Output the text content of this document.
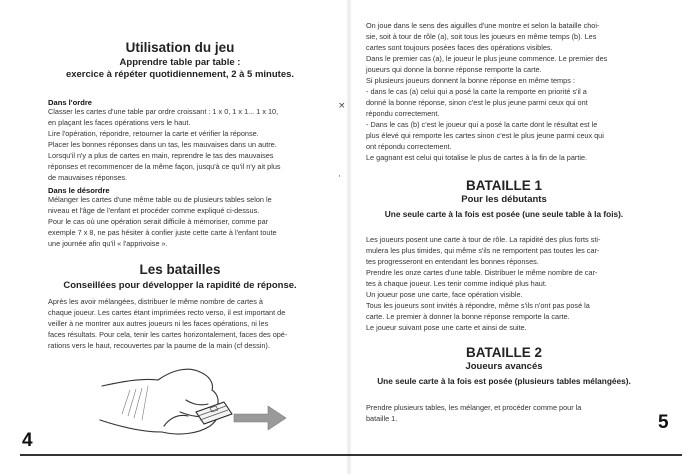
Utilisation du jeu
Apprendre table par table :
exercice à répéter quotidiennement, 2 à 5 minutes.
Dans l'ordre

Classer les cartes d'une table par ordre croissant : 1 x 0, 1 x 1... 1 x 10,

en plaçant les faces opérations vers le haut.

Lire l'opération, répondre, retourner la carte et vérifier la réponse.

Placer les bonnes réponses dans un tas, les mauvaises dans un autre.

Lorsqu'il n'y a plus de cartes en main, reprendre le tas des mauvaises

réponses et recommencer de la même façon, jusqu'à ce qu'il n'y ait plus

de mauvaises réponses.

Dans le désordre

Mélanger les cartes d'une même table ou de plusieurs tables selon le

niveau et l'âge de l'enfant et procéder comme expliqué ci-dessus.

Pour le cas où une opération serait difficile à mémoriser, comme par

exemple 7 x 8, ne pas hésiter à confier juste cette carte à l'enfant toute

une journée afin qu'il « l'apprivoise ».

Les batailles
Conseillées pour développer la rapidité de réponse.

Après les avoir mélangées, distribuer le même nombre de cartes à

chaque joueur. Les cartes étant imprimées recto verso, il est important de

veiller à ne montrer aux autres joueurs ni les faces opérations, ni les

faces résultats. Pour cela, tenir les cartes horizontalement, faces des opé-

rations vers le haut, recouvertes par la paume de la main (cf dessin).

4

On joue dans le sens des aiguilles d'une montre et selon la bataille choi-

sie, soit à tour de rôle (a), soit tous les joueurs en même temps (b). Les

cartes sont toujours posées faces des opérations visibles.

Dans le premier cas (a), le joueur le plus jeune commence. Le premier des

joueurs qui donne la bonne réponse remporte la carte.

Si plusieurs joueurs donnent la bonne réponse en même temps :

- dans le cas (a) celui qui a posé la carte la remporte en priorité s'il a

donné la bonne réponse, sinon c'est le plus jeune parmi ceux qui ont

répondu correctement.

- Dans le cas (b) c'est le joueur qui a posé la carte dont le résultat est le

plus élevé qui remporte les cartes sinon c'est le plus jeune parmi ceux qui

ont répondu correctement.

Le gagnant est celui qui totalise le plus de cartes à la fin de la partie.

×
·
BATAILLE 1
Pour les débutants
Une seule carte à la fois est posée (une seule table à la fois).

Les joueurs posent une carte à tour de rôle. La rapidité des plus forts sti-

mulera les plus timides, qui même s'ils ne remportent pas toutes les car-

tes progresseront en entendant les bonnes réponses.

Prendre les onze cartes d'une table. Distribuer le même nombre de car-

tes à chaque joueur. Les tenir comme indiqué plus haut.

Un joueur pose une carte, face opération visible.

Tous les joueurs sont invités à répondre, même s'ils n'ont pas posé la

carte. Le premier à donner la bonne réponse remporte la carte.

Le joueur suivant pose une carte et ainsi de suite.

BATAILLE 2
Joueurs avancés
Une seule carte à la fois est posée (plusieurs tables mélangées).

Prendre plusieurs tables, les mélanger, et procéder comme pour la

bataille 1.	5
